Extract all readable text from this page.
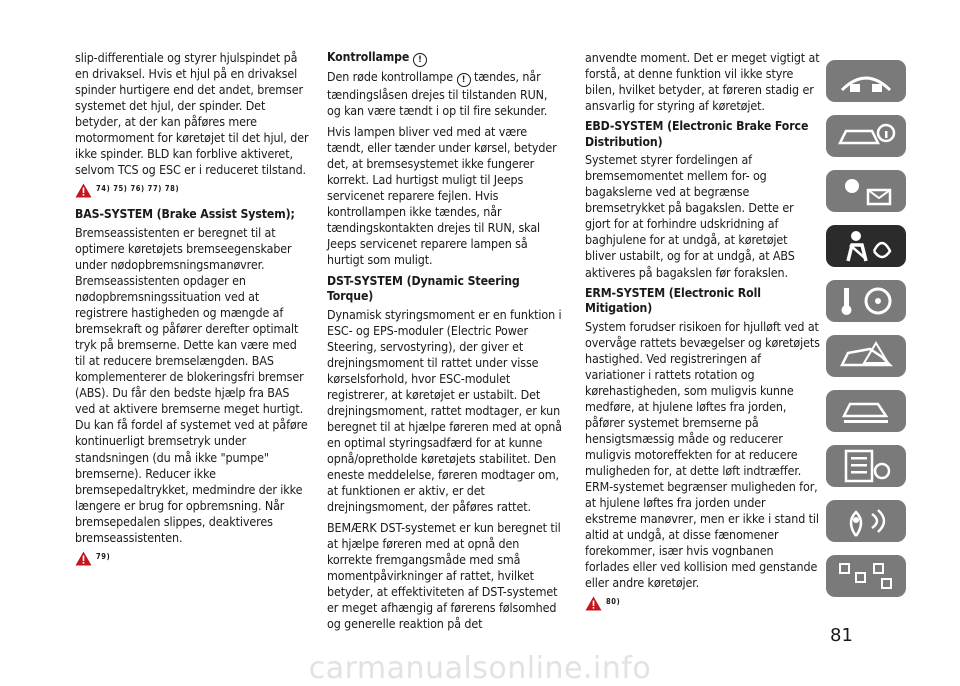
slip-differentiale og styrer hjulspindet på en drivaksel. Hvis et hjul på en drivaksel spinder hurtigere end det andet, bremser systemet det hjul, der spinder. Det betyder, at der kan påføres mere motormoment for køretøjet til det hjul, der ikke spinder. BLD kan forblive aktiveret, selvom TCS og ESC er i reduceret tilstand.

74) 75) 76) 77) 78)
BAS-SYSTEM (Brake Assist System);

Bremseassistenten er beregnet til at optimere køretøjets bremseegenskaber under nødopbremsningsmanøvrer. Bremseassistenten opdager en nødopbremsningssituation ved at registrere hastigheden og mængde af bremsekraft og påfører derefter optimalt tryk på bremserne. Dette kan være med til at reducere bremselængden. BAS komplementerer de blokeringsfri bremser (ABS). Du får den bedste hjælp fra BAS ved at aktivere bremserne meget hurtigt. Du kan få fordel af systemet ved at påføre kontinuerligt bremsetryk under standsningen (du må ikke "pumpe" bremserne). Reducer ikke bremsepedaltrykket, medmindre der ikke længere er brug for opbremsning. Når bremsepedalen slippes, deaktiveres bremseassistenten.

79)
Kontrollampe !

Den røde kontrollampe ! tændes, når tændingslåsen drejes til tilstanden RUN, og kan være tændt i op til fire sekunder.

Hvis lampen bliver ved med at være tændt, eller tænder under kørsel, betyder det, at bremsesystemet ikke fungerer korrekt. Lad hurtigst muligt til Jeeps servicenet reparere fejlen. Hvis kontrollampen ikke tændes, når tændingskontakten drejes til RUN, skal Jeeps servicenet reparere lampen så hurtigt som muligt.

DST-SYSTEM (Dynamic Steering Torque)

Dynamisk styringsmoment er en funktion i ESC- og EPS-moduler (Electric Power Steering, servostyring), der giver et drejningsmoment til rattet under visse kørselsforhold, hvor ESC-modulet registrerer, at køretøjet er ustabilt. Det drejningsmoment, rattet modtager, er kun beregnet til at hjælpe føreren med at opnå en optimal styringsadfærd for at kunne opnå/opretholde køretøjets stabilitet. Den eneste meddelelse, føreren modtager om, at funktionen er aktiv, er det drejningsmoment, der påføres rattet.

BEMÆRK DST-systemet er kun beregnet til at hjælpe føreren med at opnå den korrekte fremgangsmåde med små momentpåvirkninger af rattet, hvilket betyder, at effektiviteten af DST-systemet er meget afhængig af førerens følsomhed og generelle reaktion på det

anvendte moment. Det er meget vigtigt at forstå, at denne funktion vil ikke styre bilen, hvilket betyder, at føreren stadig er ansvarlig for styring af køretøjet.

EBD-SYSTEM (Electronic Brake Force Distribution)

Systemet styrer fordelingen af bremsemomentet mellem for- og bagakslerne ved at begrænse bremsetrykket på bagakslen. Dette er gjort for at forhindre udskridning af baghjulene for at undgå, at køretøjet bliver ustabilt, og for at undgå, at ABS aktiveres på bagakslen før forakslen.

ERM-SYSTEM (Electronic Roll Mitigation)

System forudser risikoen for hjulløft ved at overvåge rattets bevægelser og køretøjets hastighed. Ved registreringen af variationer i rattets rotation og kørehastigheden, som muligvis kunne medføre, at hjulene løftes fra jorden, påfører systemet bremserne på hensigtsmæssig måde og reducerer muligvis motoreffekten for at reducere muligheden for, at dette løft indtræffer. ERM-systemet begrænser muligheden for, at hjulene løftes fra jorden under ekstreme manøvrer, men er ikke i stand til altid at undgå, at disse fænomener forekommer, især hvis vognbanen forlades eller ved kollision med genstande eller andre køretøjer.

80)
81
carmanualsonline.info
